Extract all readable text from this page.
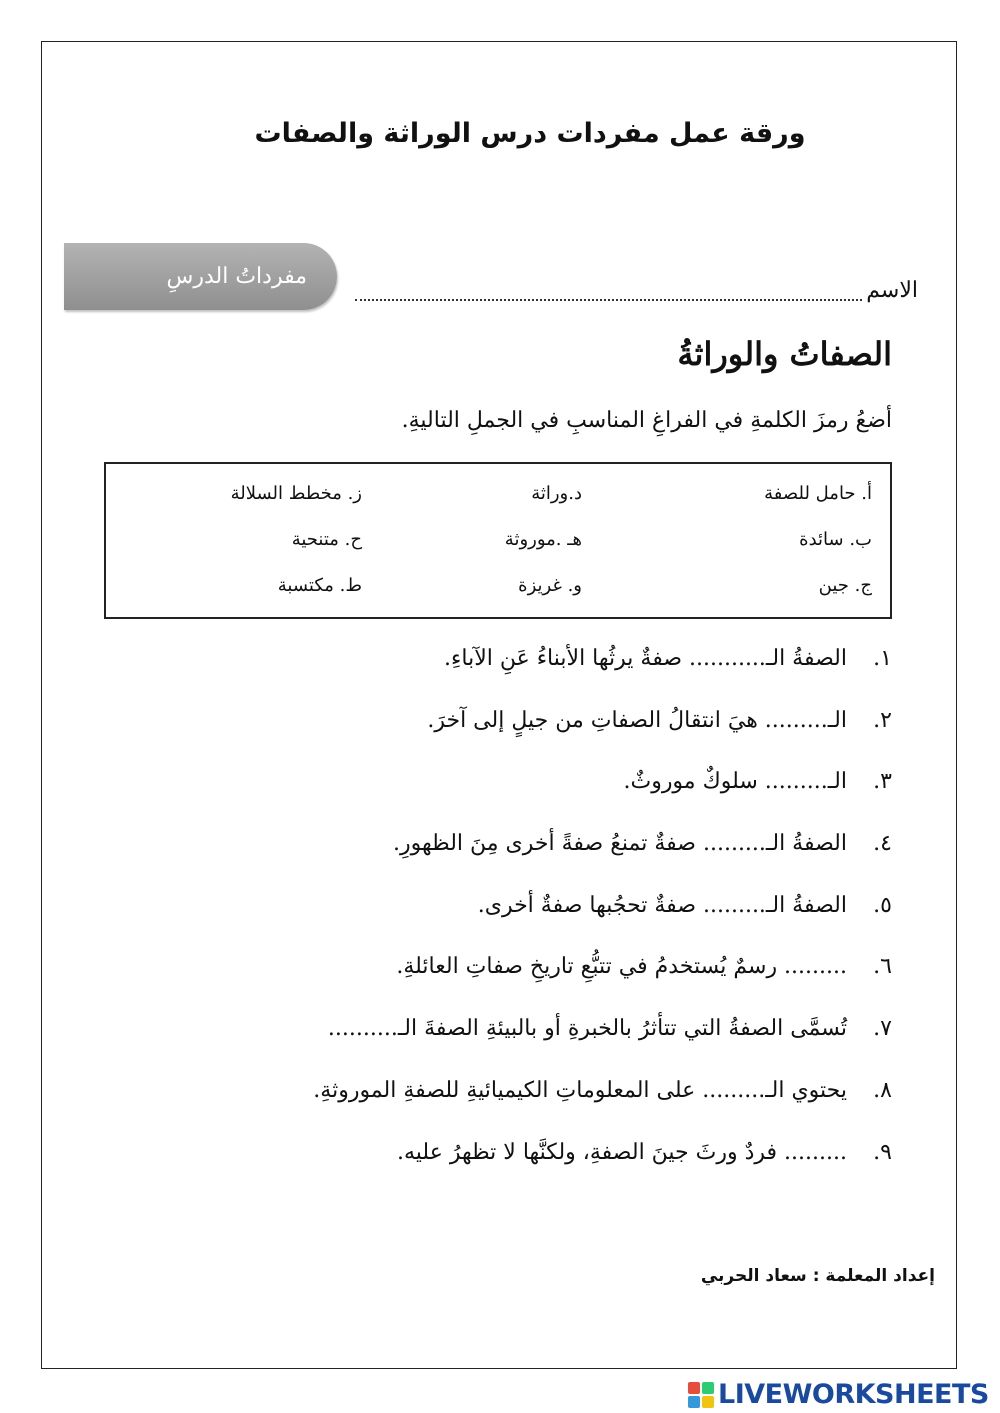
ورقة عمل مفردات درس الوراثة والصفات
مفرداتُ الدرسِ
الاسم
الصفاتُ والوراثةُ
أضعُ رمزَ الكلمةِ في الفراغِ المناسبِ في الجملِ التاليةِ.
أ. حامل للصفة
د.وراثة
ز. مخطط السلالة
ب. سائدة
هـ .موروثة
ح. متنحية
ج. جين
و. غريزة
ط. مكتسبة
١.
الصفةُ الـ........... صفةٌ يرثُها الأبناءُ عَنِ الآباءِ.
٢.
الـ......... هيَ انتقالُ الصفاتِ من جيلٍ إلى آخرَ.
٣.
الـ......... سلوكٌ موروثٌ.
٤.
الصفةُ الـ......... صفةٌ تمنعُ صفةً أخرى مِنَ الظهورِ.
٥.
الصفةُ الـ......... صفةٌ تحجُبها صفةٌ أخرى.
٦.
......... رسمٌ يُستخدمُ في تتبُّعِ تاريخِ صفاتِ العائلةِ.
٧.
تُسمَّى الصفةُ التي تتأثرُ بالخبرةِ أو بالبيئةِ الصفةَ الـ..........
٨.
يحتوي الـ......... على المعلوماتِ الكيميائيةِ للصفةِ الموروثةِ.
٩.
......... فردٌ ورثَ جينَ الصفةِ، ولكنَّها لا تظهرُ عليه.
إعداد المعلمة : سعاد الحربي
LIVEWORKSHEETS
